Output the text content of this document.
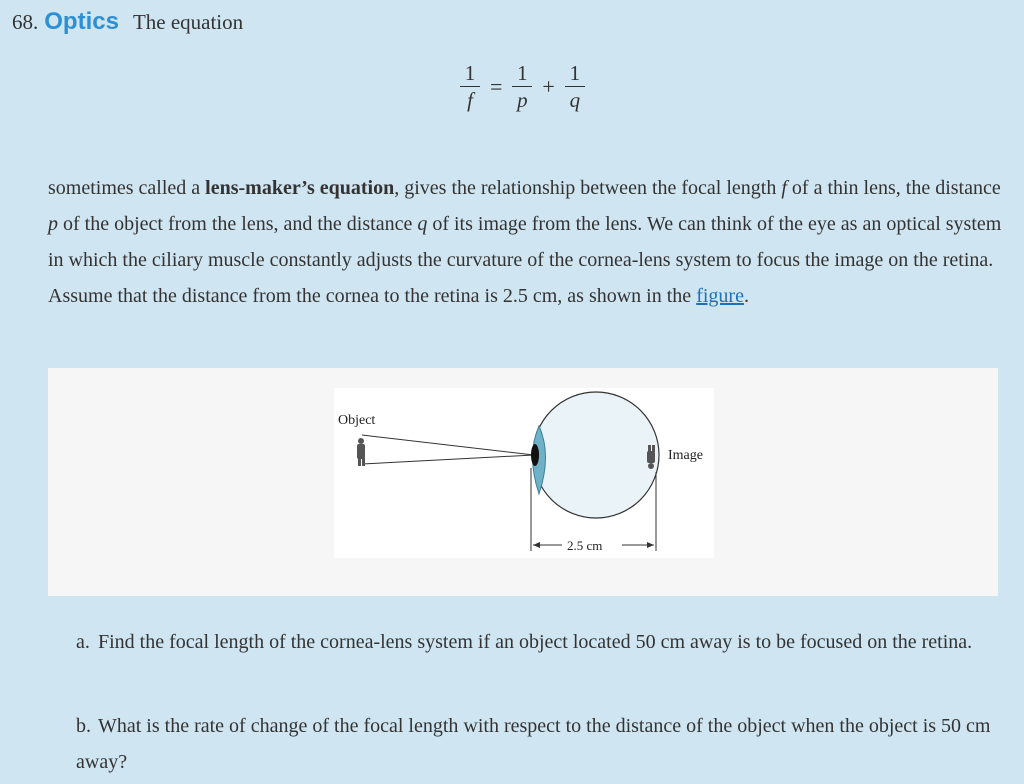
68. Optics The equation
$\frac{1}{f} = \frac{1}{p} + \frac{1}{q}$
sometimes called a lens-maker’s equation, gives the relationship between the focal length f of a thin lens, the distance p of the object from the lens, and the distance q of its image from the lens. We can think of the eye as an optical system in which the ciliary muscle constantly adjusts the curvature of the cornea-lens system to focus the image on the retina. Assume that the distance from the cornea to the retina is 2.5 cm, as shown in the figure.
Object
Image
2.5 cm
a. Find the focal length of the cornea-lens system if an object located 50 cm away is to be focused on the retina.
b. What is the rate of change of the focal length with respect to the distance of the object when the object is 50 cm away?
